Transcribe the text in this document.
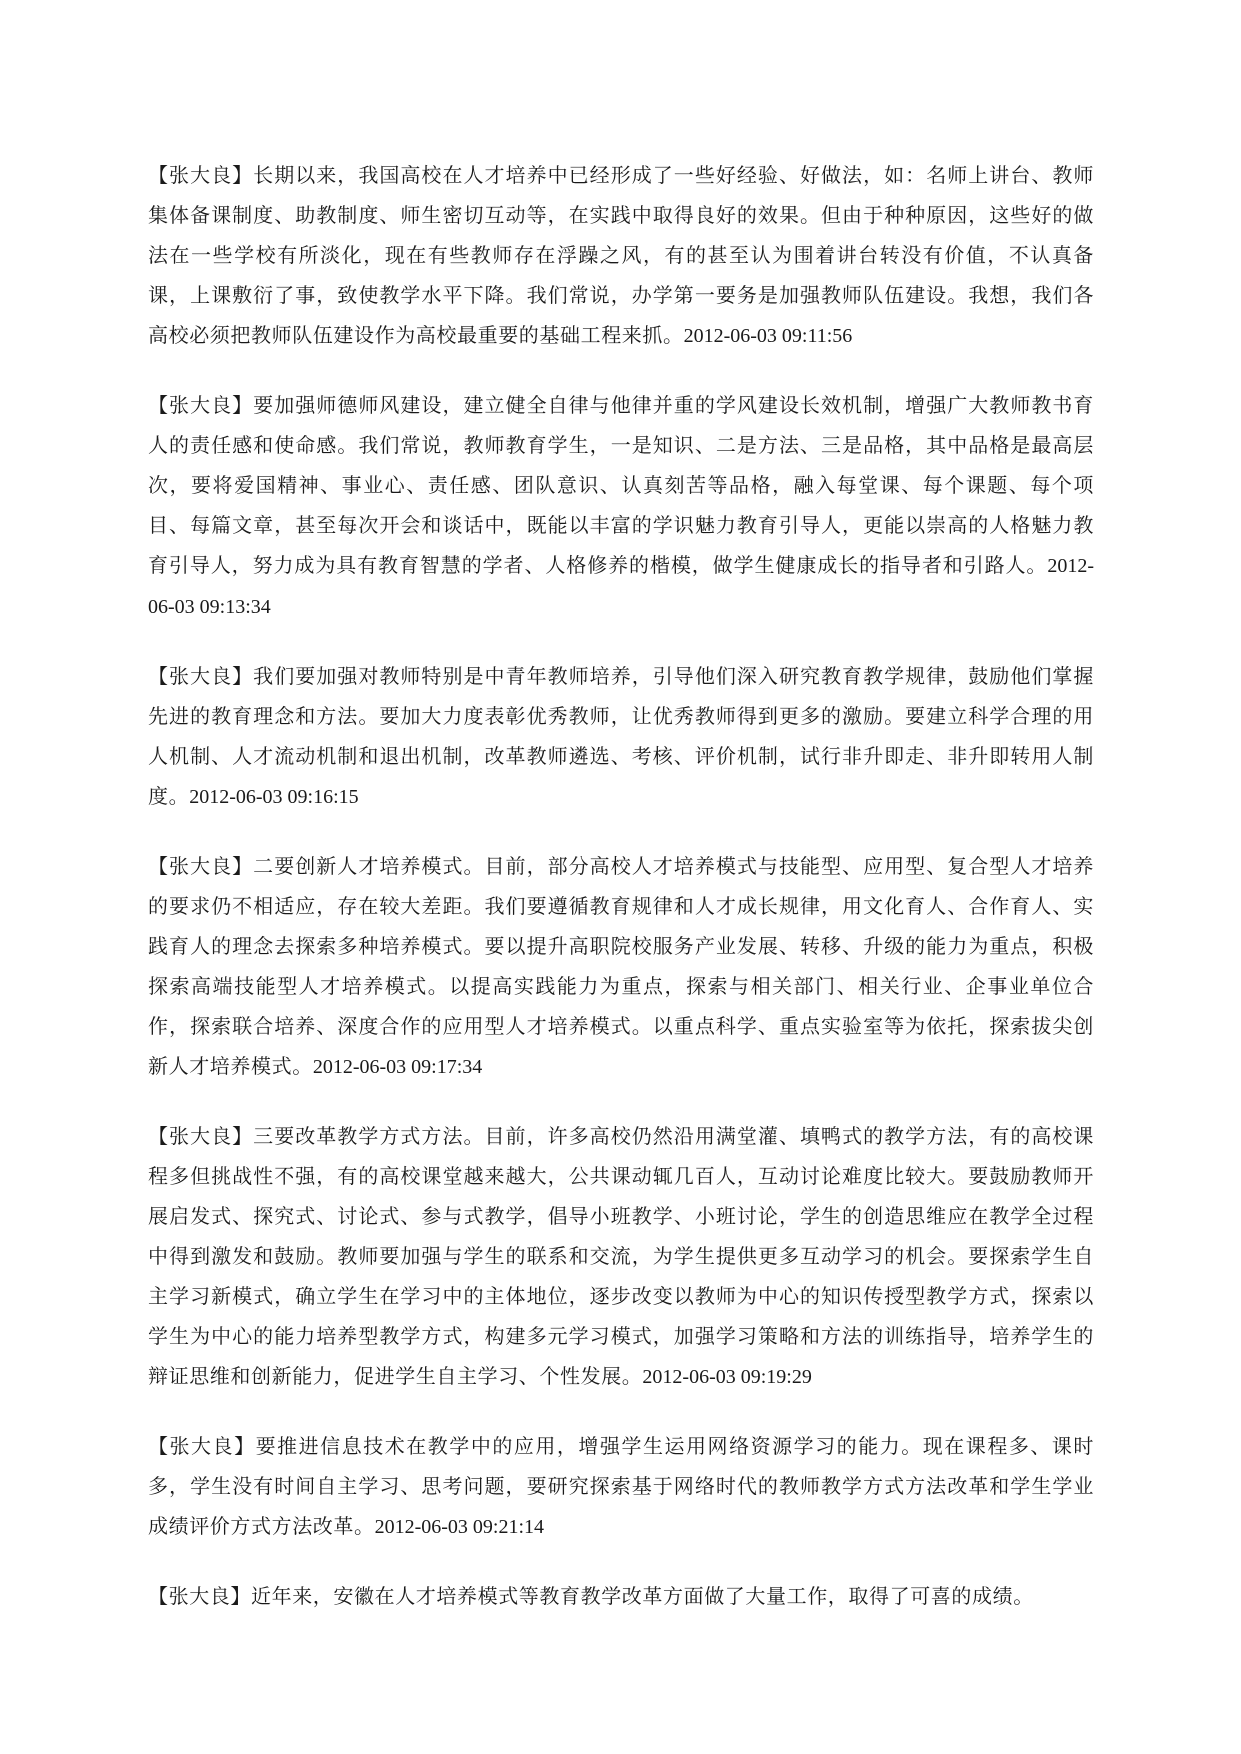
【张大良】长期以来，我国高校在人才培养中已经形成了一些好经验、好做法，如：名师上讲台、教师集体备课制度、助教制度、师生密切互动等，在实践中取得良好的效果。但由于种种原因，这些好的做法在一些学校有所淡化，现在有些教师存在浮躁之风，有的甚至认为围着讲台转没有价值，不认真备课，上课敷衍了事，致使教学水平下降。我们常说，办学第一要务是加强教师队伍建设。我想，我们各高校必须把教师队伍建设作为高校最重要的基础工程来抓。2012-06-03 09:11:56

【张大良】要加强师德师风建设，建立健全自律与他律并重的学风建设长效机制，增强广大教师教书育人的责任感和使命感。我们常说，教师教育学生，一是知识、二是方法、三是品格，其中品格是最高层次，要将爱国精神、事业心、责任感、团队意识、认真刻苦等品格，融入每堂课、每个课题、每个项目、每篇文章，甚至每次开会和谈话中，既能以丰富的学识魅力教育引导人，更能以崇高的人格魅力教育引导人，努力成为具有教育智慧的学者、人格修养的楷模，做学生健康成长的指导者和引路人。2012-06-03 09:13:34

【张大良】我们要加强对教师特别是中青年教师培养，引导他们深入研究教育教学规律，鼓励他们掌握先进的教育理念和方法。要加大力度表彰优秀教师，让优秀教师得到更多的激励。要建立科学合理的用人机制、人才流动机制和退出机制，改革教师遴选、考核、评价机制，试行非升即走、非升即转用人制度。2012-06-03 09:16:15

【张大良】二要创新人才培养模式。目前，部分高校人才培养模式与技能型、应用型、复合型人才培养的要求仍不相适应，存在较大差距。我们要遵循教育规律和人才成长规律，用文化育人、合作育人、实践育人的理念去探索多种培养模式。要以提升高职院校服务产业发展、转移、升级的能力为重点，积极探索高端技能型人才培养模式。以提高实践能力为重点，探索与相关部门、相关行业、企事业单位合作，探索联合培养、深度合作的应用型人才培养模式。以重点科学、重点实验室等为依托，探索拔尖创新人才培养模式。2012-06-03 09:17:34

【张大良】三要改革教学方式方法。目前，许多高校仍然沿用满堂灌、填鸭式的教学方法，有的高校课程多但挑战性不强，有的高校课堂越来越大，公共课动辄几百人，互动讨论难度比较大。要鼓励教师开展启发式、探究式、讨论式、参与式教学，倡导小班教学、小班讨论，学生的创造思维应在教学全过程中得到激发和鼓励。教师要加强与学生的联系和交流，为学生提供更多互动学习的机会。要探索学生自主学习新模式，确立学生在学习中的主体地位，逐步改变以教师为中心的知识传授型教学方式，探索以学生为中心的能力培养型教学方式，构建多元学习模式，加强学习策略和方法的训练指导，培养学生的辩证思维和创新能力，促进学生自主学习、个性发展。2012-06-03 09:19:29

【张大良】要推进信息技术在教学中的应用，增强学生运用网络资源学习的能力。现在课程多、课时多，学生没有时间自主学习、思考问题，要研究探索基于网络时代的教师教学方式方法改革和学生学业成绩评价方式方法改革。2012-06-03 09:21:14

【张大良】近年来，安徽在人才培养模式等教育教学改革方面做了大量工作，取得了可喜的成绩。
